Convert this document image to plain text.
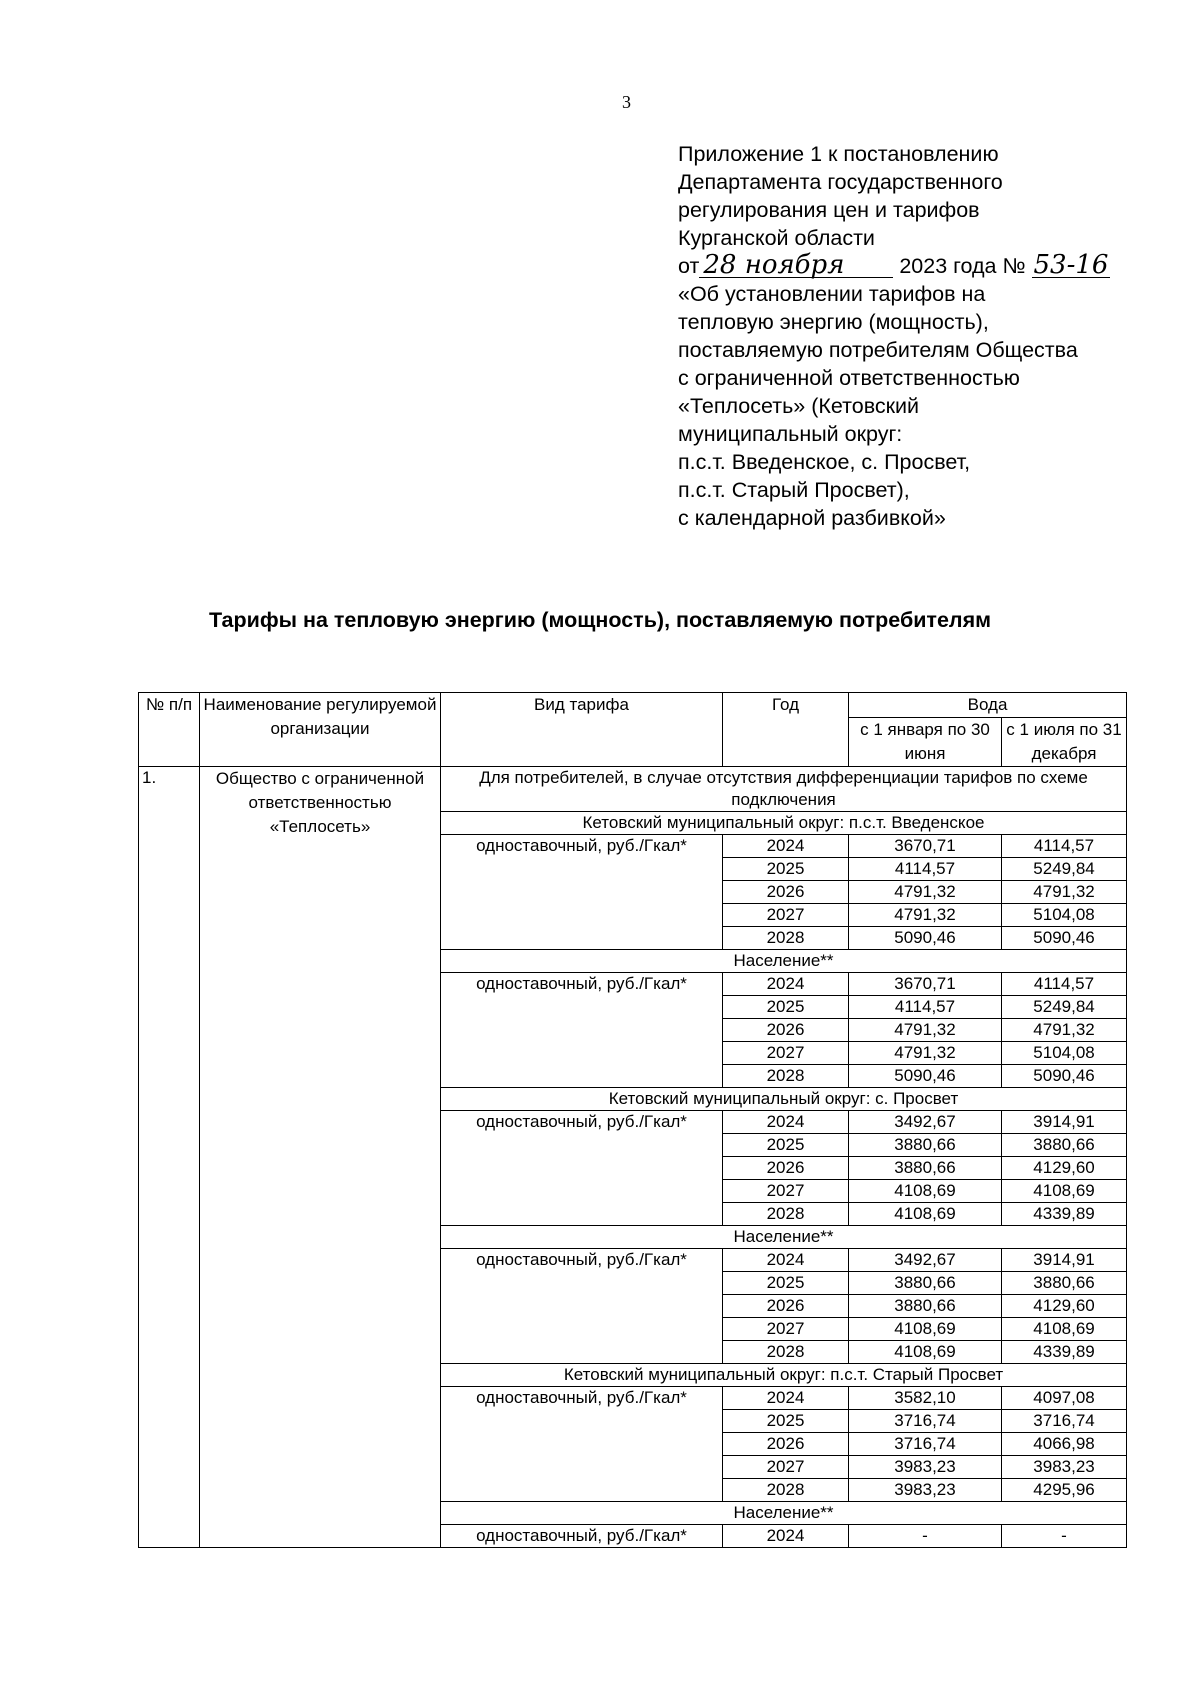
3
Приложение 1 к постановлению
Департамента государственного
регулирования цен и тарифов
Курганской области
от 28 ноября	2023 года № 53-16
«Об установлении тарифов на
тепловую энергию (мощность),
поставляемую потребителям Общества
с ограниченной ответственностью
«Теплосеть» (Кетовский
муниципальный округ:
п.с.т. Введенское, с. Просвет,
п.с.т. Старый Просвет),
с календарной разбивкой»
Тарифы на тепловую энергию (мощность), поставляемую потребителям
№ п/п	Наименование регулируемой организации	Вид тарифа	Год	Вода	
				с 1 января по 30 июня	с 1 июля по 31 декабря
1.	Общество с ограниченной ответственностью «Теплосеть»	Для потребителей, в случае отсутствия дифференциации тарифов по схеме подключения			
		Кетовский муниципальный округ: п.с.т. Введенское			
		одноставочный, руб./Гкал*	2024	3670,71	4114,57
			2025	4114,57	5249,84
			2026	4791,32	4791,32
			2027	4791,32	5104,08
			2028	5090,46	5090,46
		Население**			
		одноставочный, руб./Гкал*	2024	3670,71	4114,57
			2025	4114,57	5249,84
			2026	4791,32	4791,32
			2027	4791,32	5104,08
			2028	5090,46	5090,46
		Кетовский муниципальный округ: с. Просвет			
		одноставочный, руб./Гкал*	2024	3492,67	3914,91
			2025	3880,66	3880,66
			2026	3880,66	4129,60
			2027	4108,69	4108,69
			2028	4108,69	4339,89
		Население**			
		одноставочный, руб./Гкал*	2024	3492,67	3914,91
			2025	3880,66	3880,66
			2026	3880,66	4129,60
			2027	4108,69	4108,69
			2028	4108,69	4339,89
		Кетовский муниципальный округ: п.с.т. Старый Просвет			
		одноставочный, руб./Гкал*	2024	3582,10	4097,08
			2025	3716,74	3716,74
			2026	3716,74	4066,98
			2027	3983,23	3983,23
			2028	3983,23	4295,96
		Население**			
		одноставочный, руб./Гкал*	2024	-	-
